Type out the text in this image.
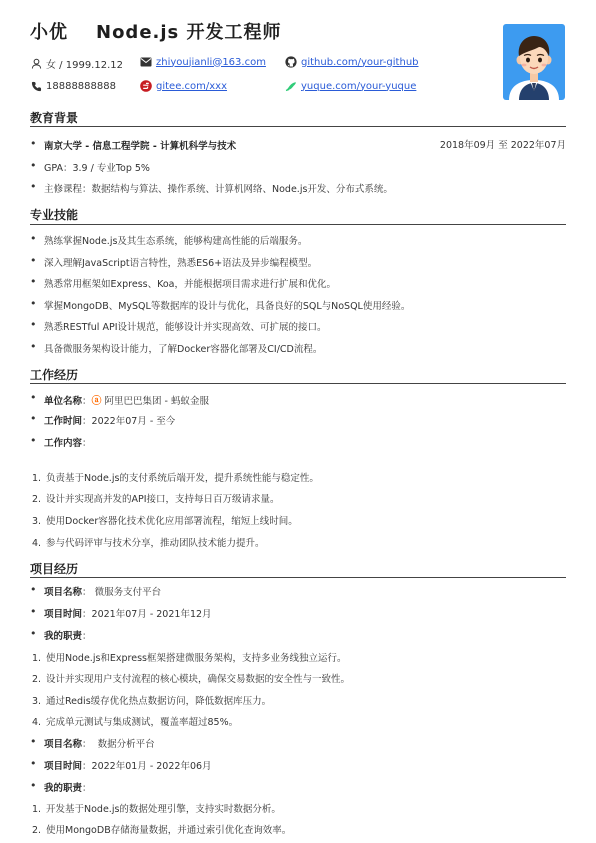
小优 Node.js 开发工程师
女 / 1999.12.12	zhiyoujianli@163.com	github.com/your-github
18888888888	gitee.com/xxx	yuque.com/your-yuque
教育背景
• 南京大学 - 信息工程学院 - 计算机科学与技术	2018年09月 至 2022年07月
• GPA：3.9 / 专业Top 5%
• 主修课程：数据结构与算法、操作系统、计算机网络、Node.js开发、分布式系统。
专业技能
• 熟练掌握Node.js及其生态系统，能够构建高性能的后端服务。
• 深入理解JavaScript语言特性，熟悉ES6+语法及异步编程模型。
• 熟悉常用框架如Express、Koa，并能根据项目需求进行扩展和优化。
• 掌握MongoDB、MySQL等数据库的设计与优化，具备良好的SQL与NoSQL使用经验。
• 熟悉RESTful API设计规范，能够设计并实现高效、可扩展的接口。
• 具备微服务架构设计能力，了解Docker容器化部署及CI/CD流程。
工作经历
• 单位名称：ⓐ 阿里巴巴集团 - 蚂蚁金服
• 工作时间：2022年07月 - 至今
• 工作内容：
1. 负责基于Node.js的支付系统后端开发，提升系统性能与稳定性。
2. 设计并实现高并发的API接口，支持每日百万级请求量。
3. 使用Docker容器化技术优化应用部署流程，缩短上线时间。
4. 参与代码评审与技术分享，推动团队技术能力提升。
项目经历
• 项目名称： 微服务支付平台
• 项目时间：2021年07月 - 2021年12月
• 我的职责：
1. 使用Node.js和Express框架搭建微服务架构，支持多业务线独立运行。
2. 设计并实现用户支付流程的核心模块，确保交易数据的安全性与一致性。
3. 通过Redis缓存优化热点数据访问，降低数据库压力。
4. 完成单元测试与集成测试，覆盖率超过85%。
• 项目名称： 数据分析平台
• 项目时间：2022年01月 - 2022年06月
• 我的职责：
1. 开发基于Node.js的数据处理引擎，支持实时数据分析。
2. 使用MongoDB存储海量数据，并通过索引优化查询效率。
